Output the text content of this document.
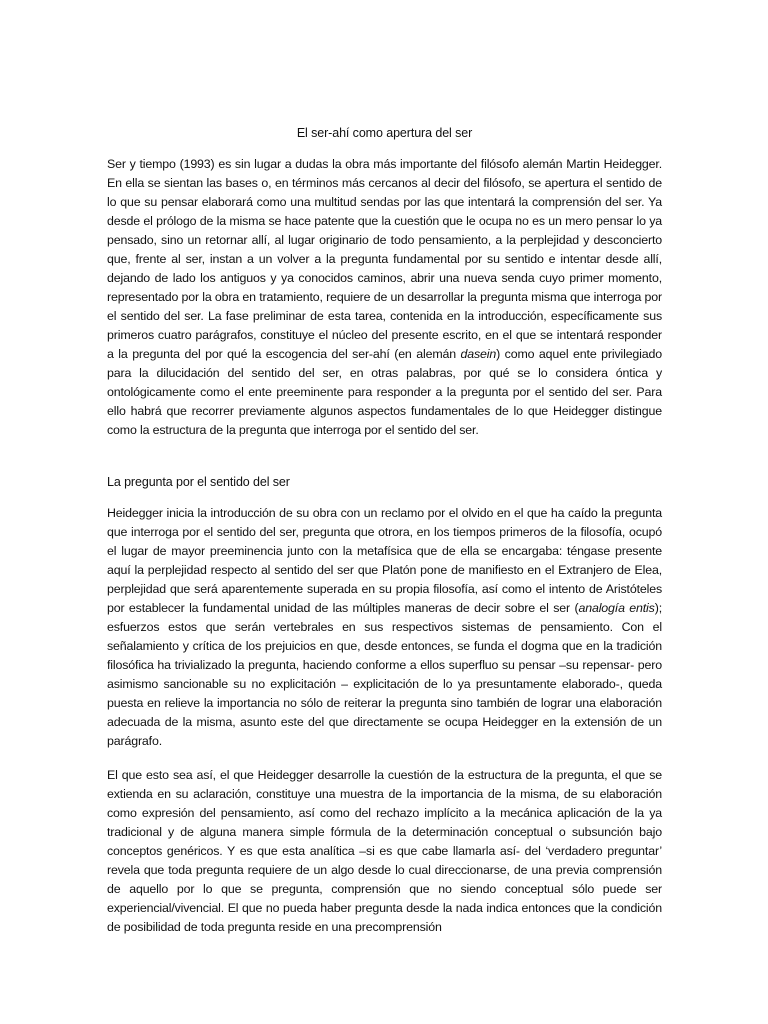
El ser-ahí como apertura del ser

Ser y tiempo (1993) es sin lugar a dudas la obra más importante del filósofo alemán Martin Heidegger. En ella se sientan las bases o, en términos más cercanos al decir del filósofo, se apertura el sentido de lo que su pensar elaborará como una multitud sendas por las que intentará la comprensión del ser. Ya desde el prólogo de la misma se hace patente que la cuestión que le ocupa no es un mero pensar lo ya pensado, sino un retornar allí, al lugar originario de todo pensamiento, a la perplejidad y desconcierto que, frente al ser, instan a un volver a la pregunta fundamental por su sentido e intentar desde allí, dejando de lado los antiguos y ya conocidos caminos, abrir una nueva senda cuyo primer momento, representado por la obra en tratamiento, requiere de un desarrollar la pregunta misma que interroga por el sentido del ser. La fase preliminar de esta tarea, contenida en la introducción, específicamente sus primeros cuatro parágrafos, constituye el núcleo del presente escrito, en el que se intentará responder a la pregunta del por qué la escogencia del ser-ahí (en alemán dasein) como aquel ente privilegiado para la dilucidación del sentido del ser, en otras palabras, por qué se lo considera óntica y ontológicamente como el ente preeminente para responder a la pregunta por el sentido del ser. Para ello habrá que recorrer previamente algunos aspectos fundamentales de lo que Heidegger distingue como la estructura de la pregunta que interroga por el sentido del ser.

La pregunta por el sentido del ser

Heidegger inicia la introducción de su obra con un reclamo por el olvido en el que ha caído la pregunta que interroga por el sentido del ser, pregunta que otrora, en los tiempos primeros de la filosofía, ocupó el lugar de mayor preeminencia junto con la metafísica que de ella se encargaba: téngase presente aquí la perplejidad respecto al sentido del ser que Platón pone de manifiesto en el Extranjero de Elea, perplejidad que será aparentemente superada en su propia filosofía, así como el intento de Aristóteles por establecer la fundamental unidad de las múltiples maneras de decir sobre el ser (analogía entis); esfuerzos estos que serán vertebrales en sus respectivos sistemas de pensamiento. Con el señalamiento y crítica de los prejuicios en que, desde entonces, se funda el dogma que en la tradición filosófica ha trivializado la pregunta, haciendo conforme a ellos superfluo su pensar –su repensar- pero asimismo sancionable su no explicitación – explicitación de lo ya presuntamente elaborado-, queda puesta en relieve la importancia no sólo de reiterar la pregunta sino también de lograr una elaboración adecuada de la misma, asunto este del que directamente se ocupa Heidegger en la extensión de un parágrafo.

El que esto sea así, el que Heidegger desarrolle la cuestión de la estructura de la pregunta, el que se extienda en su aclaración, constituye una muestra de la importancia de la misma, de su elaboración como expresión del pensamiento, así como del rechazo implícito a la mecánica aplicación de la ya tradicional y de alguna manera simple fórmula de la determinación conceptual o subsunción bajo conceptos genéricos. Y es que esta analítica –si es que cabe llamarla así- del ‘verdadero preguntar’ revela que toda pregunta requiere de un algo desde lo cual direccionarse, de una previa comprensión de aquello por lo que se pregunta, comprensión que no siendo conceptual sólo puede ser experiencial/vivencial. El que no pueda haber pregunta desde la nada indica entonces que la condición de posibilidad de toda pregunta reside en una precomprensión
